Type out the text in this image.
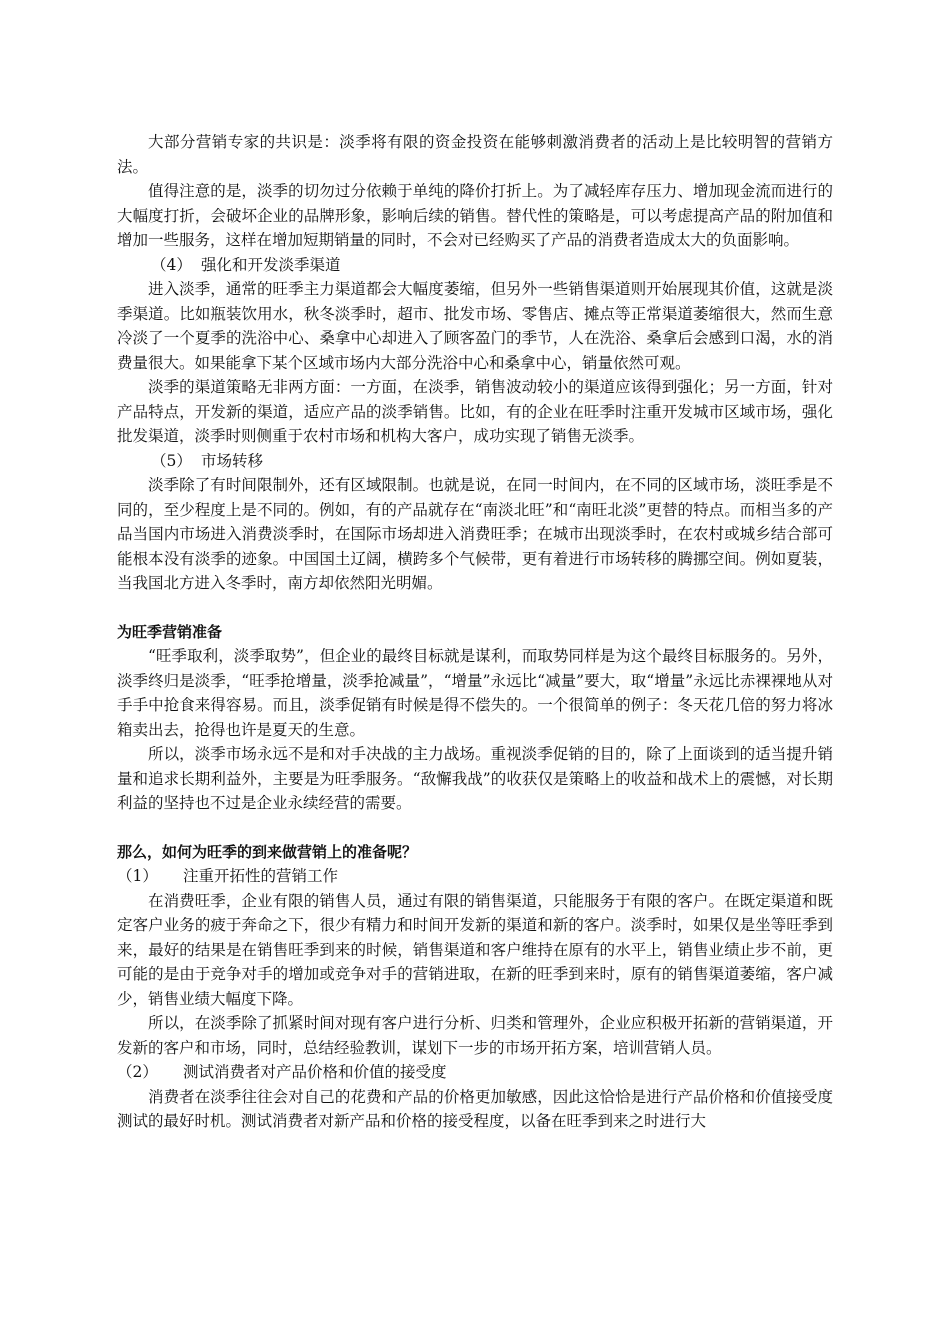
大部分营销专家的共识是：淡季将有限的资金投资在能够刺激消费者的活动上是比较明智的营销方法。

值得注意的是，淡季的切勿过分依赖于单纯的降价打折上。为了减轻库存压力、增加现金流而进行的大幅度打折，会破坏企业的品牌形象，影响后续的销售。替代性的策略是，可以考虑提高产品的附加值和增加一些服务，这样在增加短期销量的同时，不会对已经购买了产品的消费者造成太大的负面影响。

（4） 强化和开发淡季渠道

进入淡季，通常的旺季主力渠道都会大幅度萎缩，但另外一些销售渠道则开始展现其价值，这就是淡季渠道。比如瓶装饮用水，秋冬淡季时，超市、批发市场、零售店、摊点等正常渠道萎缩很大，然而生意冷淡了一个夏季的洗浴中心、桑拿中心却进入了顾客盈门的季节，人在洗浴、桑拿后会感到口渴，水的消费量很大。如果能拿下某个区域市场内大部分洗浴中心和桑拿中心，销量依然可观。

淡季的渠道策略无非两方面：一方面，在淡季，销售波动较小的渠道应该得到强化；另一方面，针对产品特点，开发新的渠道，适应产品的淡季销售。比如，有的企业在旺季时注重开发城市区域市场，强化批发渠道，淡季时则侧重于农村市场和机构大客户，成功实现了销售无淡季。

（5） 市场转移

淡季除了有时间限制外，还有区域限制。也就是说，在同一时间内，在不同的区域市场，淡旺季是不同的，至少程度上是不同的。例如，有的产品就存在“南淡北旺”和“南旺北淡”更替的特点。而相当多的产品当国内市场进入消费淡季时，在国际市场却进入消费旺季；在城市出现淡季时，在农村或城乡结合部可能根本没有淡季的迹象。中国国土辽阔，横跨多个气候带，更有着进行市场转移的腾挪空间。例如夏装，当我国北方进入冬季时，南方却依然阳光明媚。

为旺季营销准备

“旺季取利，淡季取势”，但企业的最终目标就是谋利，而取势同样是为这个最终目标服务的。另外，淡季终归是淡季，“旺季抢增量，淡季抢减量”，“增量”永远比“减量”要大，取“增量”永远比赤裸裸地从对手手中抢食来得容易。而且，淡季促销有时候是得不偿失的。一个很简单的例子：冬天花几倍的努力将冰箱卖出去，抢得也许是夏天的生意。

所以，淡季市场永远不是和对手决战的主力战场。重视淡季促销的目的，除了上面谈到的适当提升销量和追求长期利益外，主要是为旺季服务。“敌懈我战”的收获仅是策略上的收益和战术上的震憾，对长期利益的坚持也不过是企业永续经营的需要。

那么，如何为旺季的到来做营销上的准备呢？

（1） 注重开拓性的营销工作

在消费旺季，企业有限的销售人员，通过有限的销售渠道，只能服务于有限的客户。在既定渠道和既定客户业务的疲于奔命之下，很少有精力和时间开发新的渠道和新的客户。淡季时，如果仅是坐等旺季到来，最好的结果是在销售旺季到来的时候，销售渠道和客户维持在原有的水平上，销售业绩止步不前，更可能的是由于竞争对手的增加或竞争对手的营销进取，在新的旺季到来时，原有的销售渠道萎缩，客户减少，销售业绩大幅度下降。

所以，在淡季除了抓紧时间对现有客户进行分析、归类和管理外，企业应积极开拓新的营销渠道，开发新的客户和市场，同时，总结经验教训，谋划下一步的市场开拓方案，培训营销人员。

（2） 测试消费者对产品价格和价值的接受度

消费者在淡季往往会对自己的花费和产品的价格更加敏感，因此这恰恰是进行产品价格和价值接受度测试的最好时机。测试消费者对新产品和价格的接受程度，以备在旺季到来之时进行大
